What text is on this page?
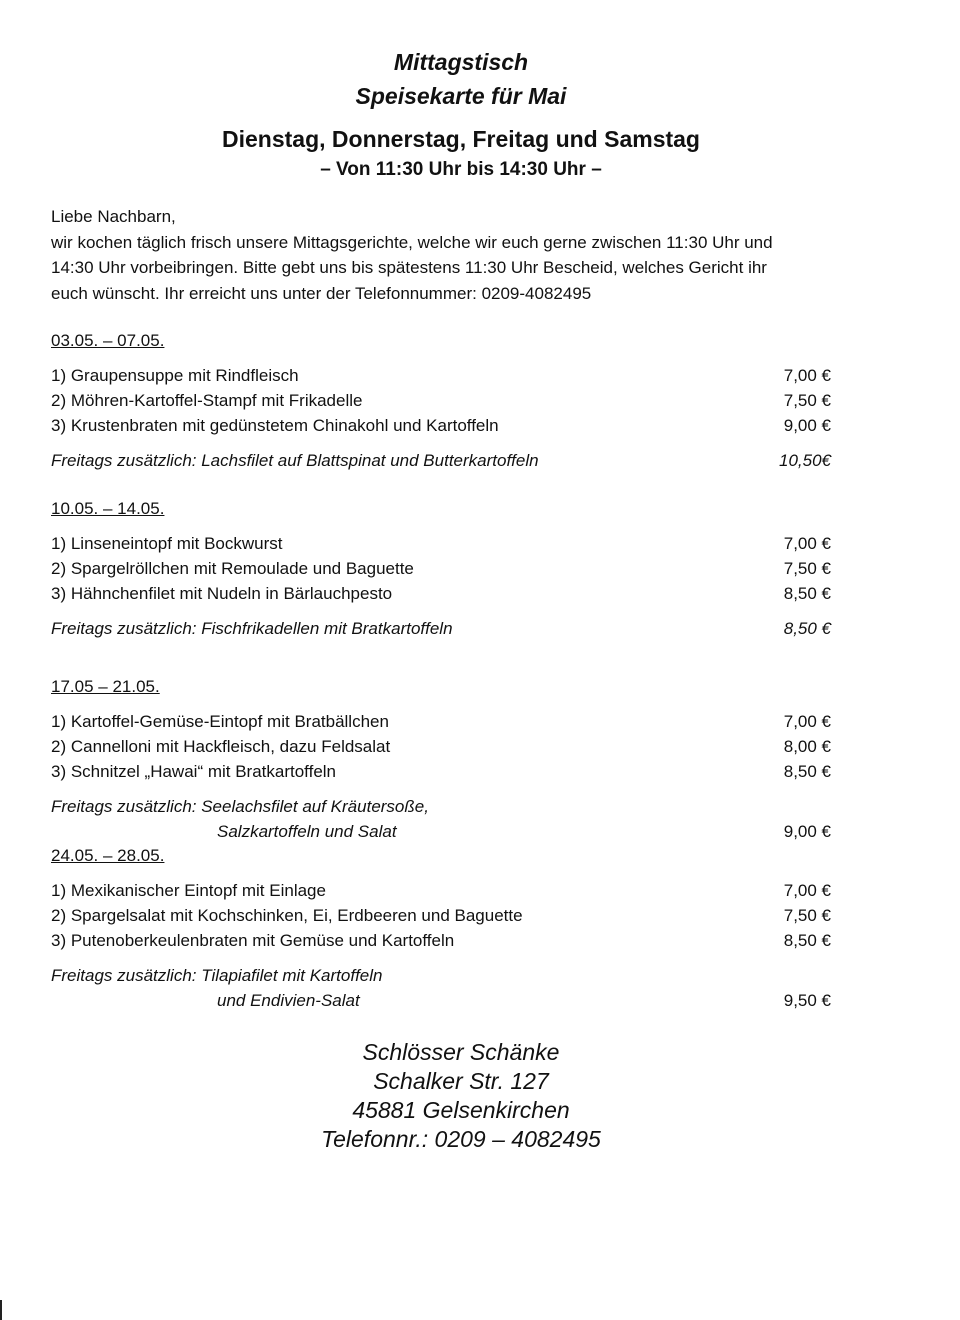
Mittagstisch
Speisekarte für Mai
Dienstag, Donnerstag, Freitag und Samstag
– Von 11:30 Uhr bis 14:30 Uhr –

Liebe Nachbarn,

wir kochen täglich frisch unsere Mittagsgerichte, welche wir euch gerne zwischen 11:30 Uhr und

14:30 Uhr vorbeibringen. Bitte gebt uns bis spätestens 11:30 Uhr Bescheid, welches Gericht ihr

euch wünscht. Ihr erreicht uns unter der Telefonnummer: 0209-4082495

03.05. – 07.05.
1) Graupensuppe mit Rindfleisch	7,00 €
2) Möhren-Kartoffel-Stampf mit Frikadelle	7,50 €
3) Krustenbraten mit gedünstetem Chinakohl und Kartoffeln	9,00 €
Freitags zusätzlich: Lachsfilet auf Blattspinat und Butterkartoffeln	10,50€
10.05. – 14.05.
1) Linseneintopf mit Bockwurst	7,00 €
2) Spargelröllchen mit Remoulade und Baguette	7,50 €
3) Hähnchenfilet mit Nudeln in Bärlauchpesto	8,50 €
Freitags zusätzlich: Fischfrikadellen mit Bratkartoffeln	8,50 €
17.05 – 21.05.
1) Kartoffel-Gemüse-Eintopf mit Bratbällchen	7,00 €
2) Cannelloni mit Hackfleisch, dazu Feldsalat	8,00 €
3) Schnitzel „Hawai“ mit Bratkartoffeln	8,50 €
Freitags zusätzlich: Seelachsfilet auf Kräutersoße,
Salzkartoffeln und Salat	9,00 €
24.05. – 28.05.
1) Mexikanischer Eintopf mit Einlage	7,00 €
2) Spargelsalat mit Kochschinken, Ei, Erdbeeren und Baguette	7,50 €
3) Putenoberkeulenbraten mit Gemüse und Kartoffeln	8,50 €
Freitags zusätzlich: Tilapiafilet mit Kartoffeln
und Endivien-Salat	9,50 €
Schlösser Schänke
Schalker Str. 127
45881 Gelsenkirchen
Telefonnr.: 0209 – 4082495
